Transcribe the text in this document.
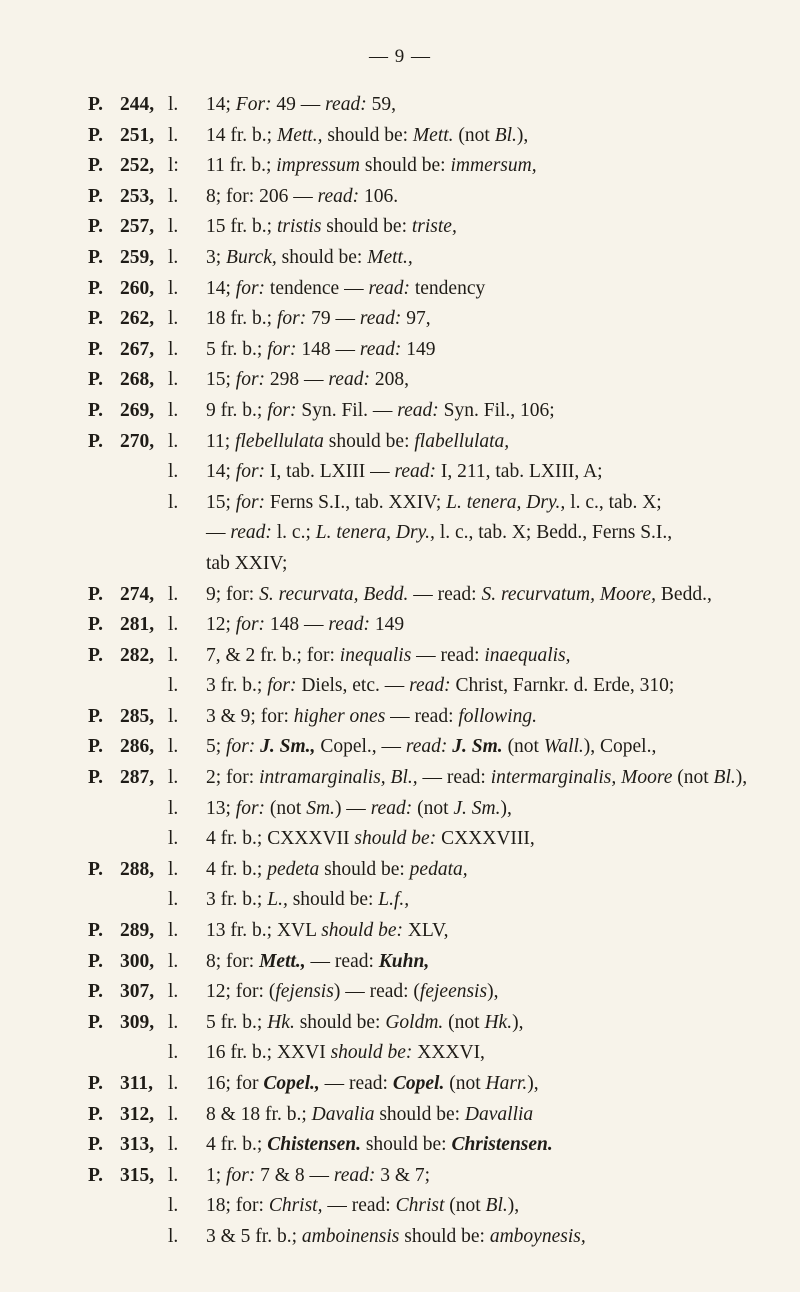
— 9 —
P. 244, l.	14; For: 49 — read: 59,
P. 251, l.	14 fr. b.; Mett., should be: Mett. (not Bl.),
P. 252, l:	11 fr. b.; impressum should be: immersum,
P. 253, l.	8; for: 206 — read: 106.
P. 257, l.	15 fr. b.; tristis should be: triste,
P. 259, l.	3; Burck, should be: Mett.,
P. 260, l.	14; for: tendence — read: tendency
P. 262, l.	18 fr. b.; for: 79 — read: 97,
P. 267, l.	5 fr. b.; for: 148 — read: 149
P. 268, l.	15; for: 298 — read: 208,
P. 269, l.	9 fr. b.; for: Syn. Fil. — read: Syn. Fil., 106;
P. 270, l.	11; flebellulata should be: flabellulata,
l.	14; for: I, tab. LXIII — read: I, 211, tab. LXIII, A;
l.	15; for: Ferns S.I., tab. XXIV; L. tenera, Dry., l. c., tab. X;
— read: l. c.; L. tenera, Dry., l. c., tab. X; Bedd., Ferns S.I.,
tab XXIV;
P. 274, l.	9; for: S. recurvata, Bedd. — read: S. recurvatum, Moore, Bedd.,
P. 281, l.	12; for: 148 — read: 149
P. 282, l.	7, & 2 fr. b.; for: inequalis — read: inaequalis,
l.	3 fr. b.; for: Diels, etc. — read: Christ, Farnkr. d. Erde, 310;
P. 285, l.	3 & 9; for: higher ones — read: following.
P. 286, l.	5; for: J. Sm., Copel., — read: J. Sm. (not Wall.), Copel.,
P. 287, l.	2; for: intramarginalis, Bl., — read: intermarginalis, Moore (not Bl.),
l.	13; for: (not Sm.) — read: (not J. Sm.),
l.	4 fr. b.; CXXXVII should be: CXXXVIII,
P. 288, l.	4 fr. b.; pedeta should be: pedata,
l.	3 fr. b.; L., should be: L.f.,
P. 289, l.	13 fr. b.; XVL should be: XLV,
P. 300, l.	8; for: Mett., — read: Kuhn,
P. 307, l.	12; for: (fejensis) — read: (fejeensis),
P. 309, l.	5 fr. b.; Hk. should be: Goldm. (not Hk.),
l.	16 fr. b.; XXVI should be: XXXVI,
P. 311, l.	16; for Copel., — read: Copel. (not Harr.),
P. 312, l.	8 & 18 fr. b.; Davalia should be: Davallia
P. 313, l.	4 fr. b.; Chistensen. should be: Christensen.
P. 315, l.	1; for: 7 & 8 — read: 3 & 7;
l.	18; for: Christ, — read: Christ (not Bl.),
l.	3 & 5 fr. b.; amboinensis should be: amboynesis,
